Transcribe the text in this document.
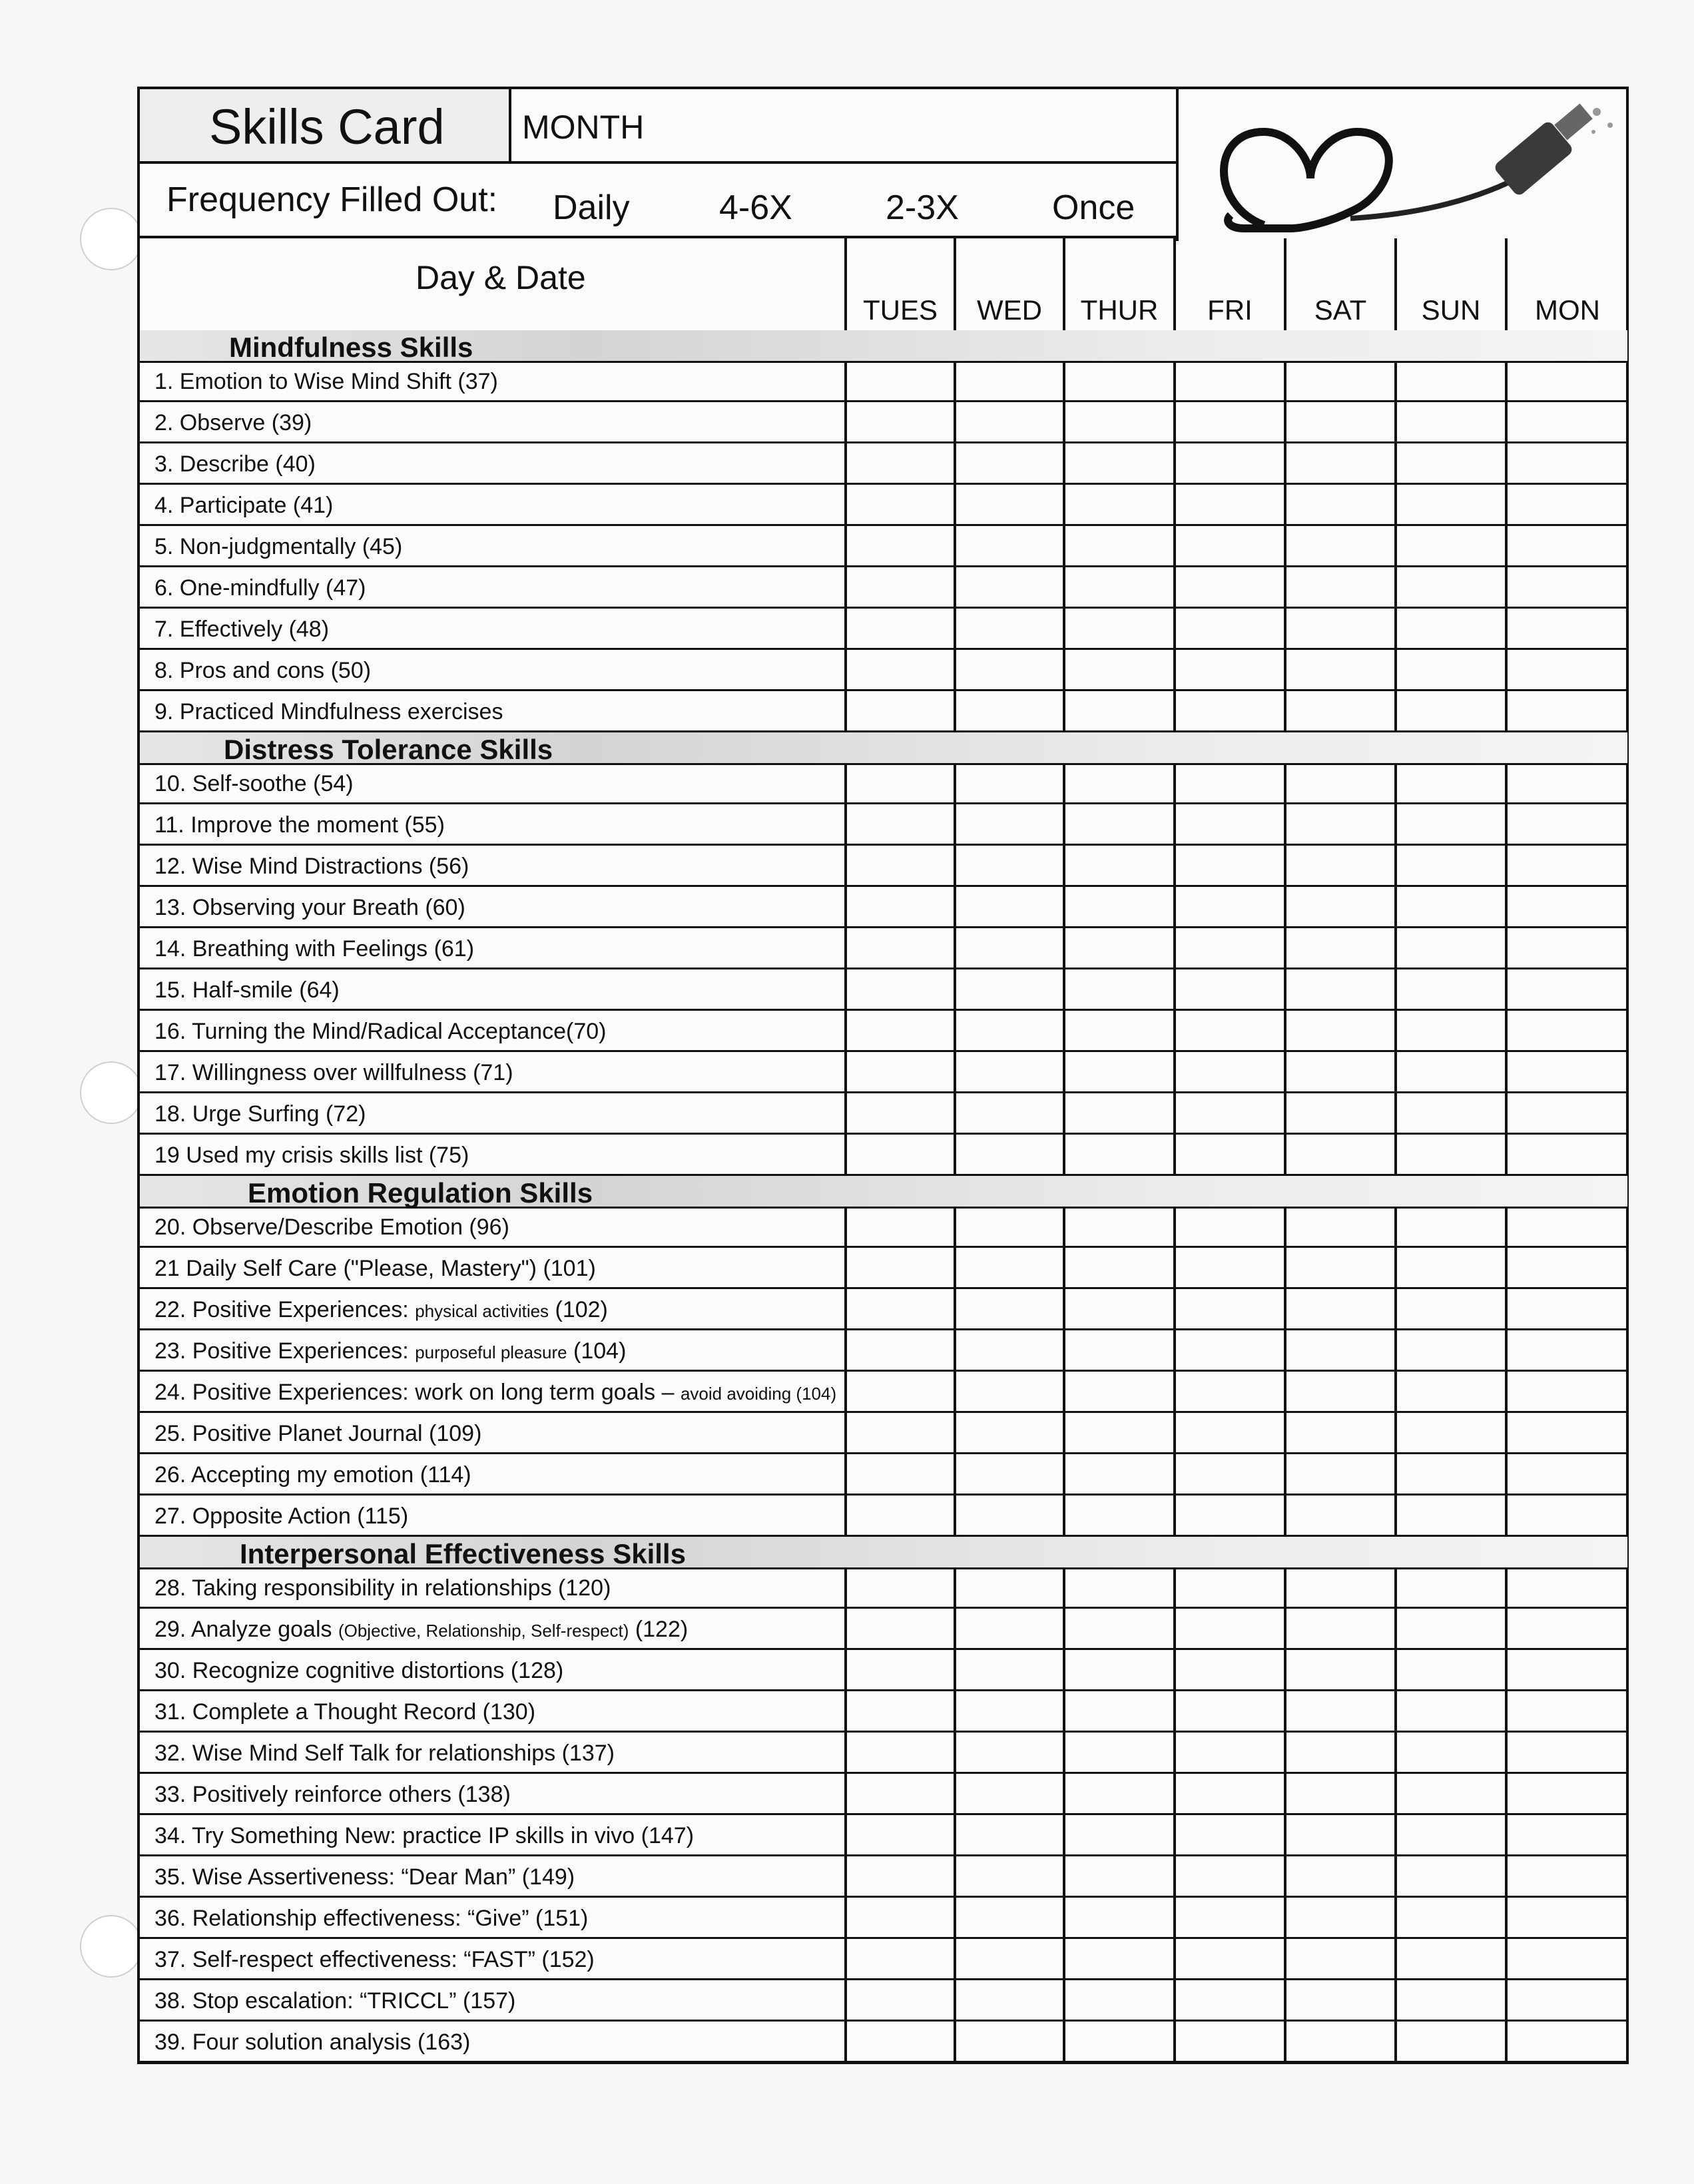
Skills Card MONTH
Frequency Filled Out: Daily	4-6X	2-3X	Once
Day & Date
TUES	WED	THUR	FRI	SAT	SUN	MON
Mindfulness Skills
1. Emotion to Wise Mind Shift (37)
2. Observe (39)
3. Describe (40)
4. Participate (41)
5. Non-judgmentally (45)
6. One-mindfully (47)
7. Effectively (48)
8. Pros and cons (50)
9. Practiced Mindfulness exercises
Distress Tolerance Skills
10. Self-soothe (54)
11. Improve the moment (55)
12. Wise Mind Distractions (56)
13. Observing your Breath (60)
14. Breathing with Feelings (61)
15. Half-smile (64)
16. Turning the Mind/Radical Acceptance(70)
17. Willingness over willfulness (71)
18. Urge Surfing (72)
19 Used my crisis skills list (75)
Emotion Regulation Skills
20. Observe/Describe Emotion (96)
21 Daily Self Care ("Please, Mastery") (101)
22. Positive Experiences: physical activities (102)
23. Positive Experiences: purposeful pleasure (104)
24. Positive Experiences: work on long term goals – avoid avoiding (104)
25. Positive Planet Journal (109)
26. Accepting my emotion (114)
27. Opposite Action (115)
Interpersonal Effectiveness Skills
28. Taking responsibility in relationships (120)
29. Analyze goals (Objective, Relationship, Self-respect) (122)
30. Recognize cognitive distortions (128)
31. Complete a Thought Record (130)
32. Wise Mind Self Talk for relationships (137)
33. Positively reinforce others (138)
34. Try Something New: practice IP skills in vivo (147)
35. Wise Assertiveness: “Dear Man” (149)
36. Relationship effectiveness: “Give” (151)
37. Self-respect effectiveness: “FAST” (152)
38. Stop escalation: “TRICCL” (157)
39. Four solution analysis (163)
